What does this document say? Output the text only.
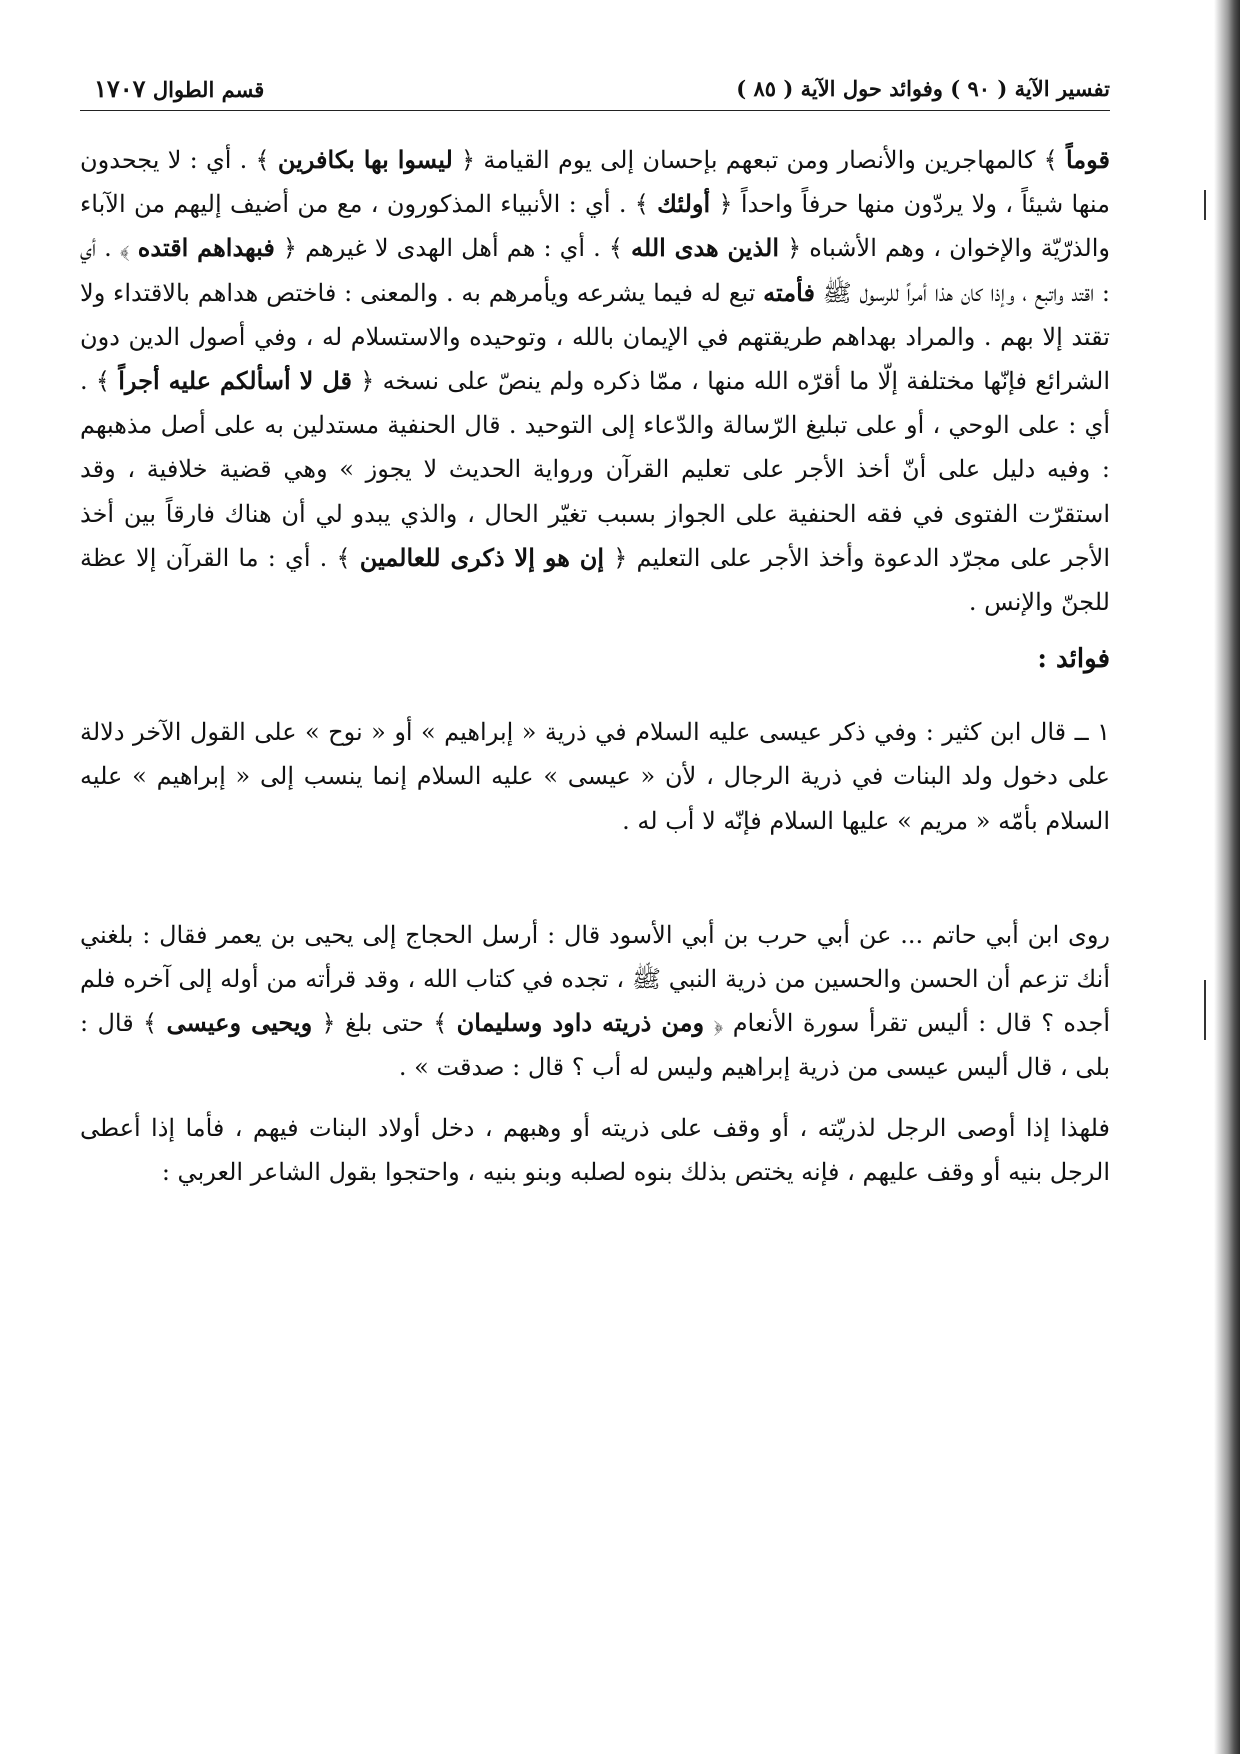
قسم الطوال ١٧٠٧	تفسير الآية ( ٩٠ ) وفوائد حول الآية ( ٨٥ )

قوماً ﴾ كالمهاجرين والأنصار ومن تبعهم بإحسان إلى يوم القيامة ﴿ ليسوا بها بكافرين ﴾ . أي : لا يجحدون منها شيئاً ، ولا يردّون منها حرفاً واحداً ﴿ أولئك ﴾ . أي : الأنبياء المذكورون ، مع من أضيف إليهم من الآباء والذرّيّة والإخوان ، وهم الأشباه ﴿ الذين هدى الله ﴾ . أي : هم أهل الهدى لا غيرهم ﴿ فبهداهم اقتده ﴾ . أي : اقتد واتبع ، وإذا كان هذا أمراً للرسول ﷺ فأمته تبع له فيما يشرعه ويأمرهم به . والمعنى : فاختص هداهم بالاقتداء ولا تقتد إلا بهم . والمراد بهداهم طريقتهم في الإيمان بالله ، وتوحيده والاستسلام له ، وفي أصول الدين دون الشرائع فإنّها مختلفة إلّا ما أقرّه الله منها ، ممّا ذكره ولم ينصّ على نسخه ﴿ قل لا أسألكم عليه أجراً ﴾ . أي : على الوحي ، أو على تبليغ الرّسالة والدّعاء إلى التوحيد . قال الحنفية مستدلين به على أصل مذهبهم : وفيه دليل على أنّ أخذ الأجر على تعليم القرآن ورواية الحديث لا يجوز » وهي قضية خلافية ، وقد استقرّت الفتوى في فقه الحنفية على الجواز بسبب تغيّر الحال ، والذي يبدو لي أن هناك فارقاً بين أخذ الأجر على مجرّد الدعوة وأخذ الأجر على التعليم ﴿ إن هو إلا ذكرى للعالمين ﴾ . أي : ما القرآن إلا عظة للجنّ والإنس .

فوائد :

١ ــ قال ابن كثير : وفي ذكر عيسى عليه السلام في ذرية « إبراهيم » أو « نوح » على القول الآخر دلالة على دخول ولد البنات في ذرية الرجال ، لأن « عيسى » عليه السلام إنما ينسب إلى « إبراهيم » عليه السلام بأمّه « مريم » عليها السلام فإنّه لا أب له .

روى ابن أبي حاتم ... عن أبي حرب بن أبي الأسود قال : أرسل الحجاج إلى يحيى بن يعمر فقال : بلغني أنك تزعم أن الحسن والحسين من ذرية النبي ﷺ ، تجده في كتاب الله ، وقد قرأته من أوله إلى آخره فلم أجده ؟ قال : أليس تقرأ سورة الأنعام ﴿ ومن ذريته داود وسليمان ﴾ حتى بلغ ﴿ ويحيى وعيسى ﴾ قال : بلى ، قال أليس عيسى من ذرية إبراهيم وليس له أب ؟ قال : صدقت » .

فلهذا إذا أوصى الرجل لذريّته ، أو وقف على ذريته أو وهبهم ، دخل أولاد البنات فيهم ، فأما إذا أعطى الرجل بنيه أو وقف عليهم ، فإنه يختص بذلك بنوه لصلبه وبنو بنيه ، واحتجوا بقول الشاعر العربي :
